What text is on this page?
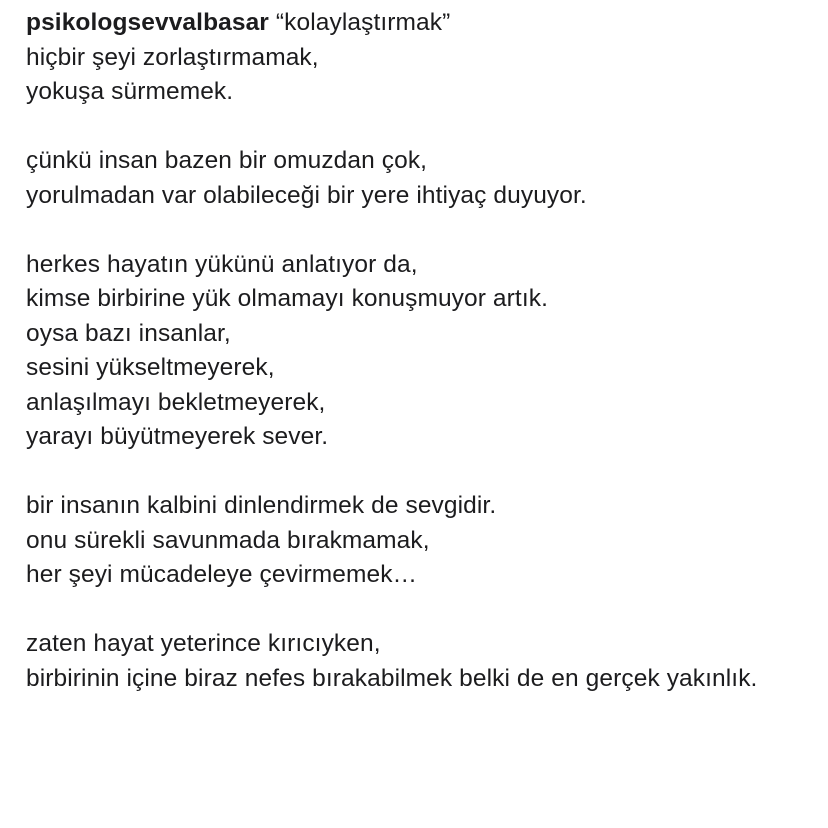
psikologsevvalbasar “kolaylaştırmak”
hiçbir şeyi zorlaştırmamak,
yokuşa sürmemek.
çünkü insan bazen bir omuzdan çok,
yorulmadan var olabileceği bir yere ihtiyaç duyuyor.
herkes hayatın yükünü anlatıyor da,
kimse birbirine yük olmamayı konuşmuyor artık.
oysa bazı insanlar,
sesini yükseltmeyerek,
anlaşılmayı bekletmeyerek,
yarayı büyütmeyerek sever.
bir insanın kalbini dinlendirmek de sevgidir.
onu sürekli savunmada bırakmamak,
her şeyi mücadeleye çevirmemek…
zaten hayat yeterince kırıcıyken,
birbirinin içine biraz nefes bırakabilmek belki de en gerçek yakınlık.
